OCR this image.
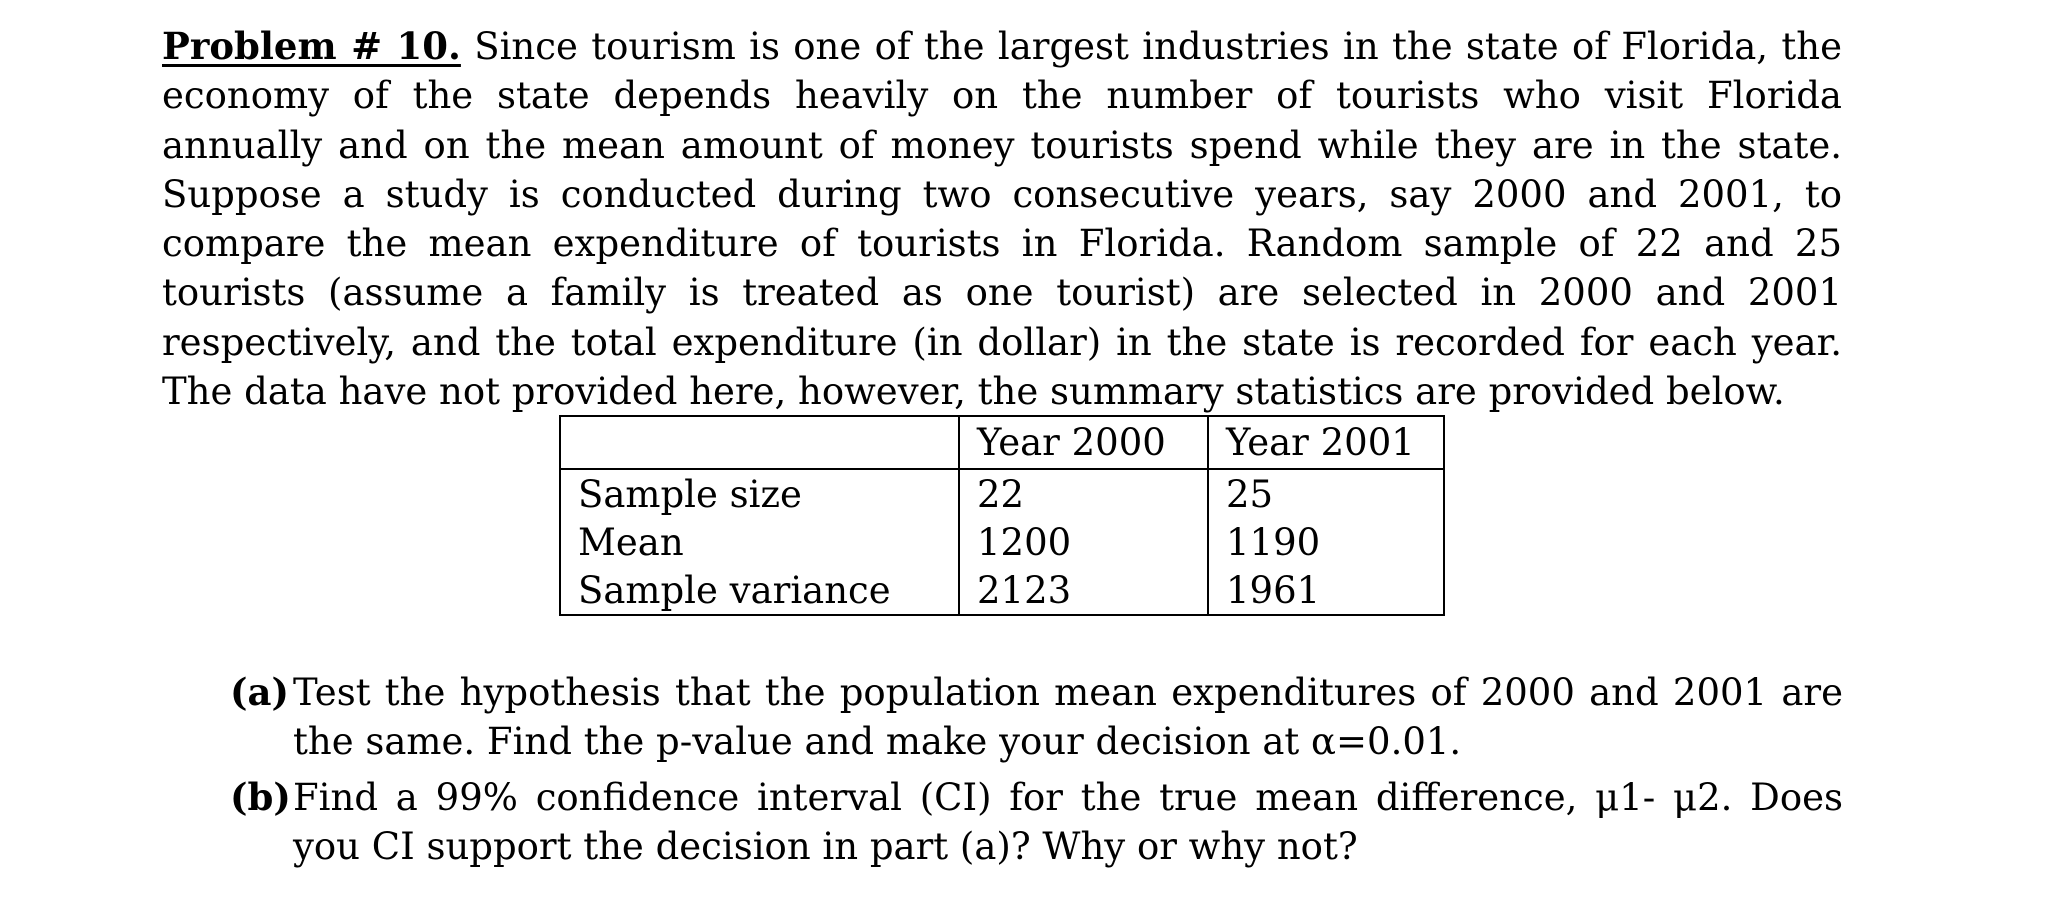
Problem # 10. Since tourism is one of the largest industries in the state of Florida, the economy of the state depends heavily on the number of tourists who visit Florida annually and on the mean amount of money tourists spend while they are in the state. Suppose a study is conducted during two consecutive years, say 2000 and 2001, to compare the mean expenditure of tourists in Florida. Random sample of 22 and 25 tourists (assume a family is treated as one tourist) are selected in 2000 and 2001 respectively, and the total expenditure (in dollar) in the state is recorded for each year. The data have not provided here, however, the summary statistics are provided below.

	Year 2000	Year 2001
Sample size	22	25
Mean	1200	1190
Sample variance	2123	1961
(a) Test the hypothesis that the population mean expenditures of 2000 and 2001 are the same. Find the p-value and make your decision at α=0.01.
(b) Find a 99% confidence interval (CI) for the true mean difference, μ1- μ2. Does you CI support the decision in part (a)? Why or why not?
